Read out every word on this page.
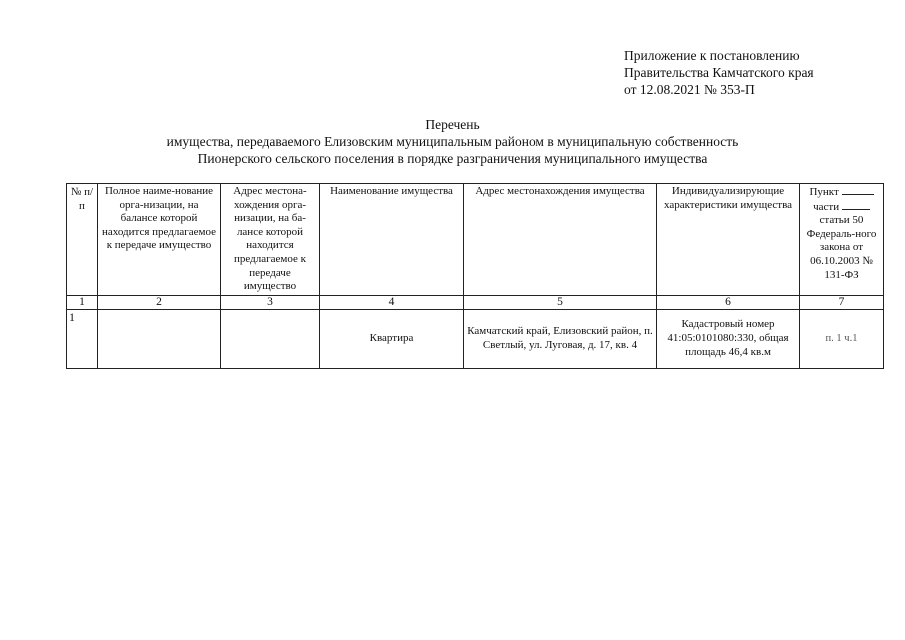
Приложение к постановлению
Правительства Камчатского края
от 12.08.2021 № 353-П
Перечень
имущества, передаваемого Елизовским муниципальным районом в муниципальную собственность
Пионерского сельского поселения в порядке разграничения муниципального имущества
№ п/п	Полное наиме-нование орга-низации, на балансе которой находится предлагаемое к передаче имущество	Адрес местона-хождения орга-низации, на ба-лансе которой находится предлагаемое к передаче имущество	Наименование имущества	Адрес местонахождения имущества	Индивидуализирующие характеристики имущества	Пункт
части
статьи 50 Федераль-ного закона от 06.10.2003 № 131-ФЗ
1	2	3	4	5	6	7
1			Квартира	Камчатский край, Елизовский район, п. Светлый, ул. Луговая, д. 17, кв. 4	Кадастровый номер 41:05:0101080:330, общая площадь 46,4 кв.м	п. 1 ч.1
